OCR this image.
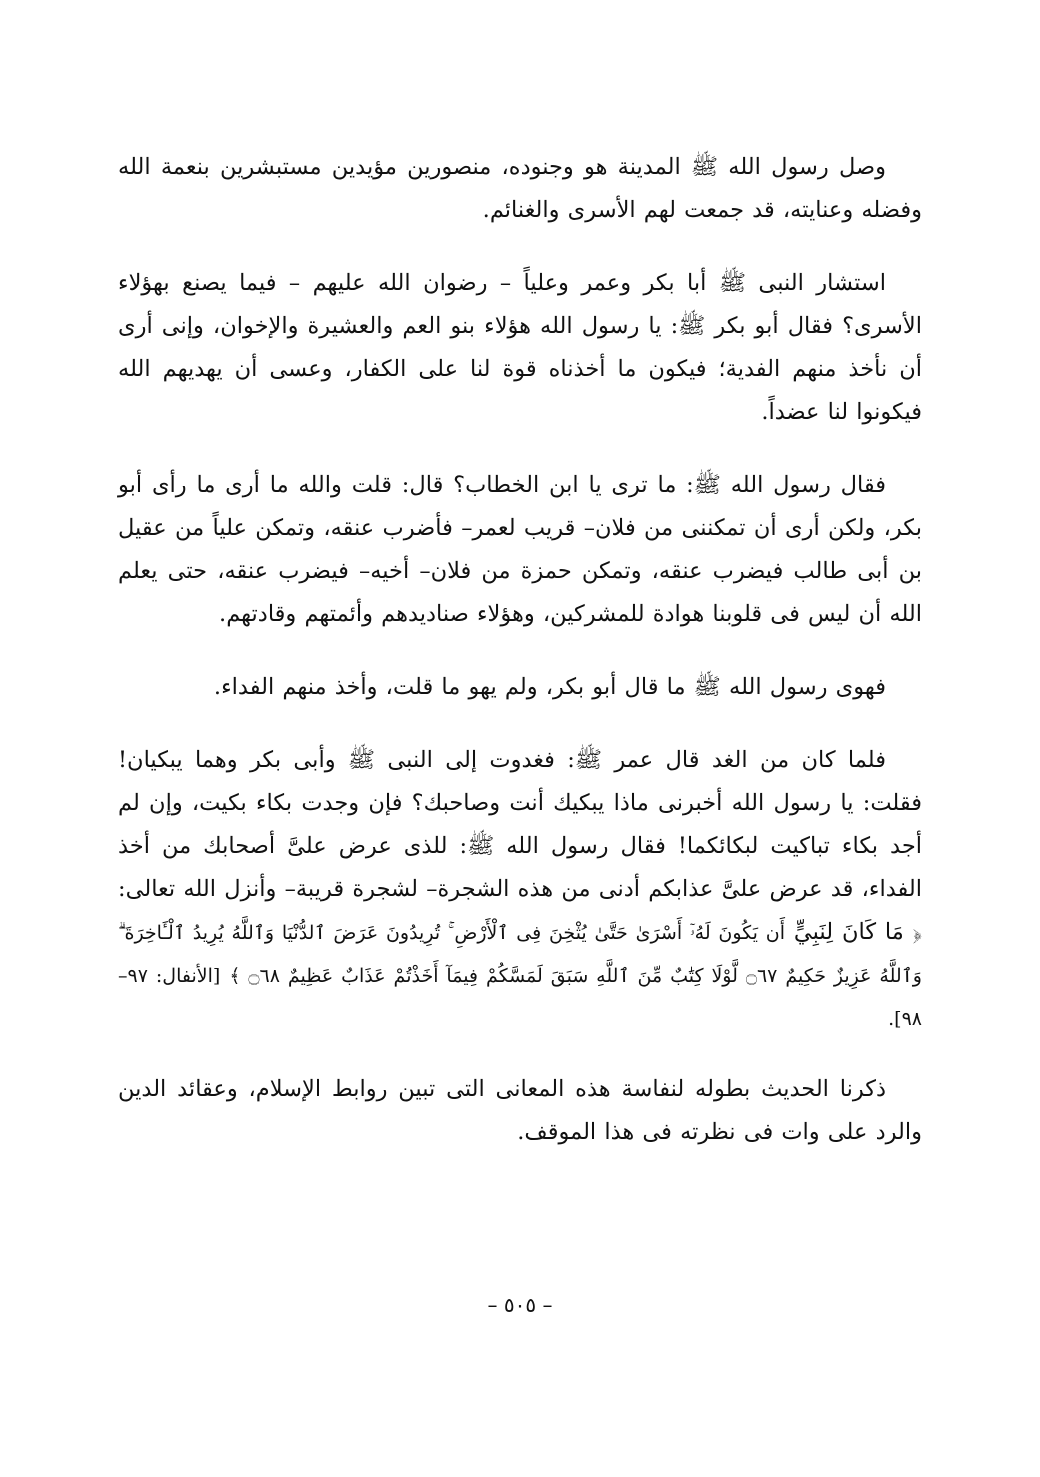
وصل رسول الله ﷺ المدينة هو وجنوده، منصورين مؤيدين مستبشرين بنعمة الله وفضله وعنايته، قد جمعت لهم الأسرى والغنائم.

استشار النبى ﷺ أبا بكر وعمر وعلياً – رضوان الله عليهم – فيما يصنع بهؤلاء الأسرى؟ فقال أبو بكر ﷺ: يا رسول الله هؤلاء بنو العم والعشيرة والإخوان، وإنى أرى أن نأخذ منهم الفدية؛ فيكون ما أخذناه قوة لنا على الكفار، وعسى أن يهديهم الله فيكونوا لنا عضداً.

فقال رسول الله ﷺ: ما ترى يا ابن الخطاب؟ قال: قلت والله ما أرى ما رأى أبو بكر، ولكن أرى أن تمكننى من فلان– قريب لعمر– فأضرب عنقه، وتمكن علياً من عقيل بن أبى طالب فيضرب عنقه، وتمكن حمزة من فلان– أخيه– فيضرب عنقه، حتى يعلم الله أن ليس فى قلوبنا هوادة للمشركين، وهؤلاء صناديدهم وأئمتهم وقادتهم.

فهوى رسول الله ﷺ ما قال أبو بكر، ولم يهو ما قلت، وأخذ منهم الفداء.

فلما كان من الغد قال عمر ﷺ: فغدوت إلى النبى ﷺ وأبى بكر وهما يبكيان! فقلت: يا رسول الله أخبرنى ماذا يبكيك أنت وصاحبك؟ فإن وجدت بكاء بكيت، وإن لم أجد بكاء تباكيت لبكائكما! فقال رسول الله ﷺ: للذى عرض علىَّ أصحابك من أخذ الفداء، قد عرض علىَّ عذابكم أدنى من هذه الشجرة– لشجرة قريبة– وأنزل الله تعالى: ﴿ مَا كَانَ لِنَبِيٍّ أَن يَكُونَ لَهُۥٓ أَسْرَىٰ حَتَّىٰ يُثْخِنَ فِى ٱلْأَرْضِ ۚ تُرِيدُونَ عَرَضَ ٱلدُّنْيَا وَٱللَّهُ يُرِيدُ ٱلْـَٔاخِرَةَ ۗ وَٱللَّهُ عَزِيزٌ حَكِيمٌ ۝٦٧ لَّوْلَا كِتَٰبٌ مِّنَ ٱللَّهِ سَبَقَ لَمَسَّكُمْ فِيمَآ أَخَذْتُمْ عَذَابٌ عَظِيمٌ ۝٦٨ ﴾ [الأنفال: ٩٧–٩٨].

ذكرنا الحديث بطوله لنفاسة هذه المعانى التى تبين روابط الإسلام، وعقائد الدين والرد على وات فى نظرته فى هذا الموقف.

– ٥٠٥ –
